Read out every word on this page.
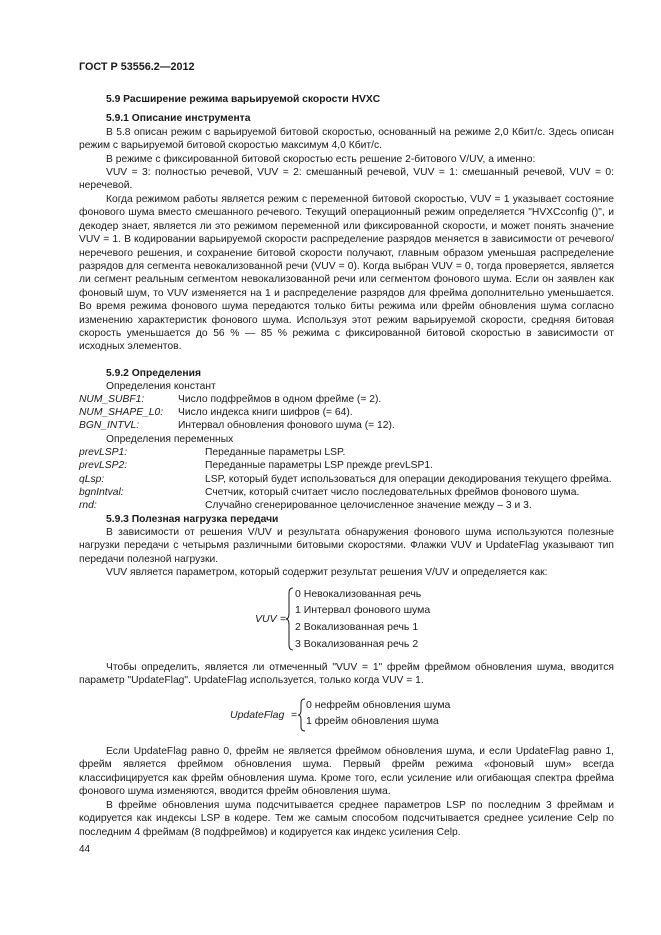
ГОСТ Р 53556.2—2012
5.9 Расширение режима варьируемой скорости HVXC
5.9.1 Описание инструмента
В 5.8 описан режим с варьируемой битовой скоростью, основанный на режиме 2,0 Кбит/с. Здесь описан режим с варьируемой битовой скоростью максимум 4,0 Кбит/с.
В режиме с фиксированной битовой скоростью есть решение 2-битового V/UV, а именно:
VUV = 3: полностью речевой, VUV = 2: смешанный речевой, VUV = 1: смешанный речевой, VUV = 0: неречевой.
Когда режимом работы является режим с переменной битовой скоростью, VUV = 1 указывает состояние фонового шума вместо смешанного речевого. Текущий операционный режим определяется "HVXCconfig ()", и декодер знает, является ли это режимом переменной или фиксированной скорости, и может понять значение VUV = 1. В кодировании варьируемой скорости распределение разрядов меняется в зависимости от речевого/неречевого решения, и сохранение битовой скорости получают, главным образом уменьшая распределение разрядов для сегмента невокализованной речи (VUV = 0). Когда выбран VUV = 0, тогда проверяется, является ли сегмент реальным сегментом невокализованной речи или сегментом фонового шума. Если он заявлен как фоновый шум, то VUV изменяется на 1 и распределение разрядов для фрейма дополнительно уменьшается. Во время режима фонового шума передаются только биты режима или фрейм обновления шума согласно изменению характеристик фонового шума. Используя этот режим варьируемой скорости, средняя битовая скорость уменьшается до 56 % — 85 % режима с фиксированной битовой скоростью в зависимости от исходных элементов.
5.9.2 Определения
Определения констант
NUM_SUBF1:	Число подфреймов в одном фрейме (= 2).
NUM_SHAPE_L0: Число индекса книги шифров (= 64).
BGN_INTVL:	Интервал обновления фонового шума (= 12).
Определения переменных
prevLSP1:	Переданные параметры LSP.
prevLSP2:	Переданные параметры LSP прежде prevLSP1.
qLsp:	LSP, который будет использоваться для операции декодирования текущего фрейма.
bgnIntval:	Счетчик, который считает число последовательных фреймов фонового шума.
rnd:	Случайно сгенерированное целочисленное значение между – 3 и 3.
5.9.3 Полезная нагрузка передачи
В зависимости от решения V/UV и результата обнаружения фонового шума используются полезные нагрузки передачи с четырьмя различными битовыми скоростями. Флажки VUV и UpdateFlag указывают тип передачи полезной нагрузки.
VUV является параметром, который содержит результат решения V/UV и определяется как:
VUV =
0 Невокализованная речь
1 Интервал фонового шума
2 Вокализованная речь 1
3 Вокализованная речь 2
Чтобы определить, является ли отмеченный "VUV = 1" фрейм фреймом обновления шума, вводится параметр "UpdateFlag". UpdateFlag используется, только когда VUV = 1.
UpdateFlag =
0 нефрейм обновления шума
1 фрейм обновления шума
Если UpdateFlag равно 0, фрейм не является фреймом обновления шума, и если UpdateFlag равно 1, фрейм является фреймом обновления шума. Первый фрейм режима «фоновый шум» всегда классифицируется как фрейм обновления шума. Кроме того, если усиление или огибающая спектра фрейма фонового шума изменяются, вводится фрейм обновления шума.
В фрейме обновления шума подсчитывается среднее параметров LSP по последним 3 фреймам и кодируется как индексы LSP в кодере. Тем же самым способом подсчитывается среднее усиление Celp по последним 4 фреймам (8 подфреймов) и кодируется как индекс усиления Celp.
44
